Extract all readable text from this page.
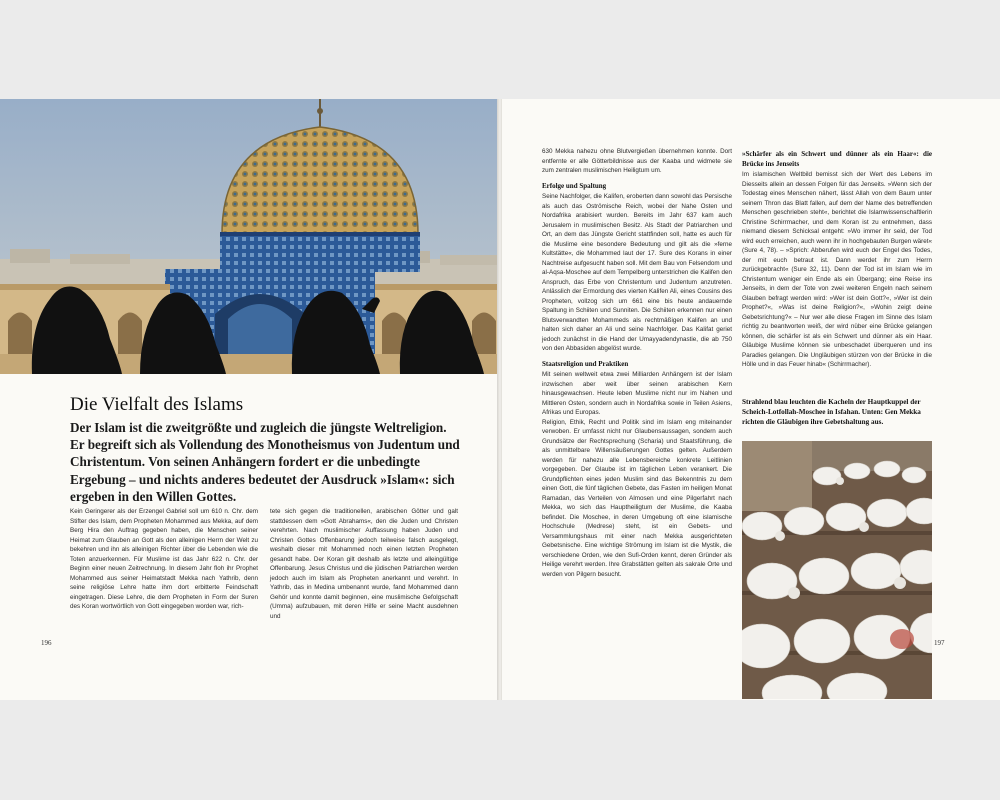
Die Vielfalt des Islams

Der Islam ist die zweitgrößte und zugleich die jüngste Weltreligion. Er begreift sich als Vollendung des Monotheismus von Judentum und Christentum. Von seinen Anhängern fordert er die unbedingte Ergebung – und nichts anderes bedeutet der Ausdruck »Islam«: sich ergeben in den Willen Gottes.

Kein Geringerer als der Erzengel Gabriel soll um 610 n. Chr. dem Stifter des Islam, dem Propheten Mohammed aus Mekka, auf dem Berg Hira den Auftrag gegeben haben, die Menschen seiner Heimat zum Glauben an Gott als den alleinigen Herrn der Welt zu bekehren und ihn als alleinigen Richter über die Lebenden wie die Toten anzuerkennen. Für Muslime ist das Jahr 622 n. Chr. der Beginn einer neuen Zeitrechnung. In diesem Jahr floh ihr Prophet Mohammed aus seiner Heimatstadt Mekka nach Yathrib, denn seine religiöse Lehre hatte ihm dort erbitterte Feindschaft eingetragen. Diese Lehre, die dem Propheten in Form der Suren des Koran wortwörtlich von Gott eingegeben worden war, rich-

tete sich gegen die traditionellen, arabischen Götter und galt stattdessen dem »Gott Abrahams«, den die Juden und Christen verehrten. Nach muslimischer Auffassung haben Juden und Christen Gottes Offenbarung jedoch teilweise falsch ausgelegt, weshalb dieser mit Mohammed noch einen letzten Propheten gesandt habe. Der Koran gilt deshalb als letzte und alleingültige Offenbarung. Jesus Christus und die jüdischen Patriarchen werden jedoch auch im Islam als Propheten anerkannt und verehrt. In Yathrib, das in Medina umbenannt wurde, fand Mohammed dann Gehör und konnte damit beginnen, eine muslimische Gefolgschaft (Umma) aufzubauen, mit deren Hilfe er seine Macht ausdehnen und

196

630 Mekka nahezu ohne Blutvergießen übernehmen konnte. Dort entfernte er alle Götterbildnisse aus der Kaaba und widmete sie zum zentralen muslimischen Heiligtum um.

Erfolge und Spaltung

Seine Nachfolger, die Kalifen, eroberten dann sowohl das Persische als auch das Oströmische Reich, wobei der Nahe Osten und Nordafrika arabisiert wurden. Bereits im Jahr 637 kam auch Jerusalem in muslimischen Besitz. Als Stadt der Patriarchen und Ort, an dem das Jüngste Gericht stattfinden soll, hatte es auch für die Muslime eine besondere Bedeutung und gilt als die »ferne Kultstätte«, die Mohammed laut der 17. Sure des Korans in einer Nachtreise aufgesucht haben soll. Mit dem Bau von Felsendom und al-Aqsa-Moschee auf dem Tempelberg unterstrichen die Kalifen den Anspruch, das Erbe von Christentum und Judentum anzutreten. Anlässlich der Ermordung des vierten Kalifen Ali, eines Cousins des Propheten, vollzog sich um 661 eine bis heute andauernde Spaltung in Schiiten und Sunniten. Die Schiiten erkennen nur einen Blutsverwandten Mohammeds als rechtmäßigen Kalifen an und halten sich daher an Ali und seine Nachfolger. Das Kalifat geriet jedoch zunächst in die Hand der Umayyadendynastie, die ab 750 von den Abbasiden abgelöst wurde.

Staatsreligion und Praktiken

Mit seinen weltweit etwa zwei Milliarden Anhängern ist der Islam inzwischen aber weit über seinen arabischen Kern hinausgewachsen. Heute leben Muslime nicht nur im Nahen und Mittleren Osten, sondern auch in Nordafrika sowie in Teilen Asiens, Afrikas und Europas.

Religion, Ethik, Recht und Politik sind im Islam eng miteinander verwoben. Er umfasst nicht nur Glaubensaussagen, sondern auch Grundsätze der Rechtsprechung (Scharia) und Staatsführung, die als unmittelbare Willensäußerungen Gottes gelten. Außerdem werden für nahezu alle Lebensbereiche konkrete Leitlinien vorgegeben. Der Glaube ist im täglichen Leben verankert. Die Grundpflichten eines jeden Muslim sind das Bekenntnis zu dem einen Gott, die fünf täglichen Gebete, das Fasten im heiligen Monat Ramadan, das Verteilen von Almosen und eine Pilgerfahrt nach Mekka, wo sich das Hauptheiligtum der Muslime, die Kaaba befindet. Die Moschee, in deren Umgebung oft eine islamische Hochschule (Medrese) steht, ist ein Gebets- und Versammlungshaus mit einer nach Mekka ausgerichteten Gebetsnische. Eine wichtige Strömung im Islam ist die Mystik, die verschiedene Orden, wie den Sufi-Orden kennt, deren Gründer als Heilige verehrt werden. Ihre Grabstätten gelten als sakrale Orte und werden von Pilgern besucht.

»Schärfer als ein Schwert und dünner als ein Haar«: die Brücke ins Jenseits

Im islamischen Weltbild bemisst sich der Wert des Lebens im Diesseits allein an dessen Folgen für das Jenseits. »Wenn sich der Todestag eines Menschen nähert, lässt Allah von dem Baum unter seinem Thron das Blatt fallen, auf dem der Name des betreffenden Menschen geschrieben steht«, berichtet die Islamwissenschaftlerin Christine Schirrmacher, und dem Koran ist zu entnehmen, dass niemand diesem Schicksal entgeht: »Wo immer ihr seid, der Tod wird euch erreichen, auch wenn ihr in hochgebauten Burgen wäret« (Sure 4, 78). – »Sprich: Abberufen wird euch der Engel des Todes, der mit euch betraut ist. Dann werdet ihr zum Herrn zurückgebracht« (Sure 32, 11). Denn der Tod ist im Islam wie im Christentum weniger ein Ende als ein Übergang; eine Reise ins Jenseits, in dem der Tote von zwei weiteren Engeln nach seinem Glauben befragt werden wird: »Wer ist dein Gott?«, »Wer ist dein Prophet?«, »Was ist deine Religion?«, »Wohin zeigt deine Gebetsrichtung?« – Nur wer alle diese Fragen im Sinne des Islam richtig zu beantworten weiß, der wird nüber eine Brücke gelangen können, die schärfer ist als ein Schwert und dünner als ein Haar. Gläubige Muslime können sie unbeschadet überqueren und ins Paradies gelangen. Die Ungläubigen stürzen von der Brücke in die Hölle und in das Feuer hinab« (Schirrmacher).

Strahlend blau leuchten die Kacheln der Hauptkuppel der Scheich-Lotfollah-Moschee in Isfahan. Unten: Gen Mekka richten die Gläubigen ihre Gebetshaltung aus.

197
